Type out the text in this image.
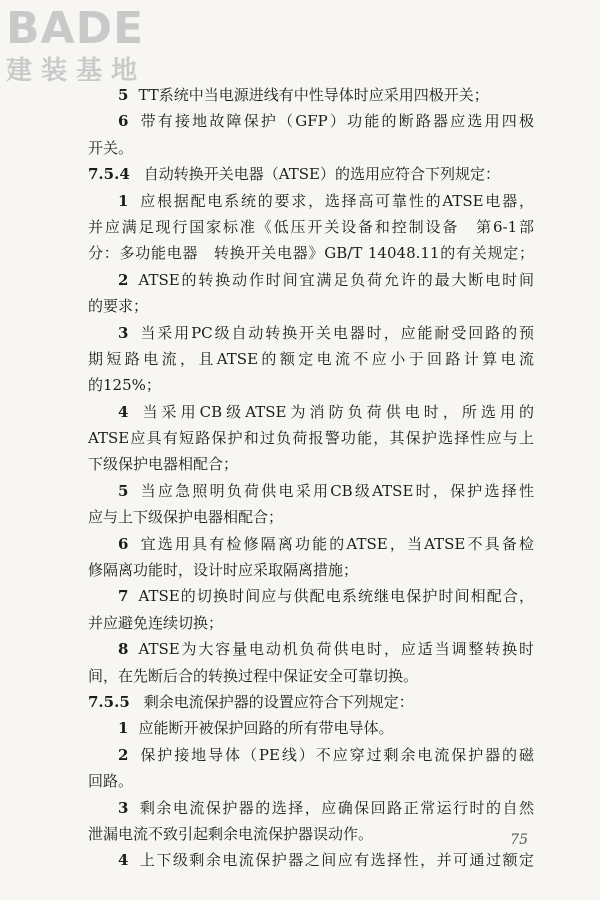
BADE
建装基地
5 TT系统中当电源进线有中性导体时应采用四极开关；
6 带有接地故障保护（GFP）功能的断路器应选用四极
开关。
7.5.4 自动转换开关电器（ATSE）的选用应符合下列规定：
1 应根据配电系统的要求，选择高可靠性的ATSE电器，
并应满足现行国家标准《低压开关设备和控制设备　第6-1部
分：多功能电器　转换开关电器》GB/T 14048.11的有关规定；
2 ATSE的转换动作时间宜满足负荷允许的最大断电时间
的要求；
3 当采用PC级自动转换开关电器时，应能耐受回路的预
期短路电流，且ATSE的额定电流不应小于回路计算电流
的125%；
4 当采用CB级ATSE为消防负荷供电时，所选用的
ATSE应具有短路保护和过负荷报警功能，其保护选择性应与上
下级保护电器相配合；
5 当应急照明负荷供电采用CB级ATSE时，保护选择性
应与上下级保护电器相配合；
6 宜选用具有检修隔离功能的ATSE，当ATSE不具备检
修隔离功能时，设计时应采取隔离措施；
7 ATSE的切换时间应与供配电系统继电保护时间相配合，
并应避免连续切换；
8 ATSE为大容量电动机负荷供电时，应适当调整转换时
间，在先断后合的转换过程中保证安全可靠切换。
7.5.5 剩余电流保护器的设置应符合下列规定：
1 应能断开被保护回路的所有带电导体。
2 保护接地导体（PE线）不应穿过剩余电流保护器的磁
回路。
3 剩余电流保护器的选择，应确保回路正常运行时的自然
泄漏电流不致引起剩余电流保护器误动作。
4 上下级剩余电流保护器之间应有选择性，并可通过额定
75
